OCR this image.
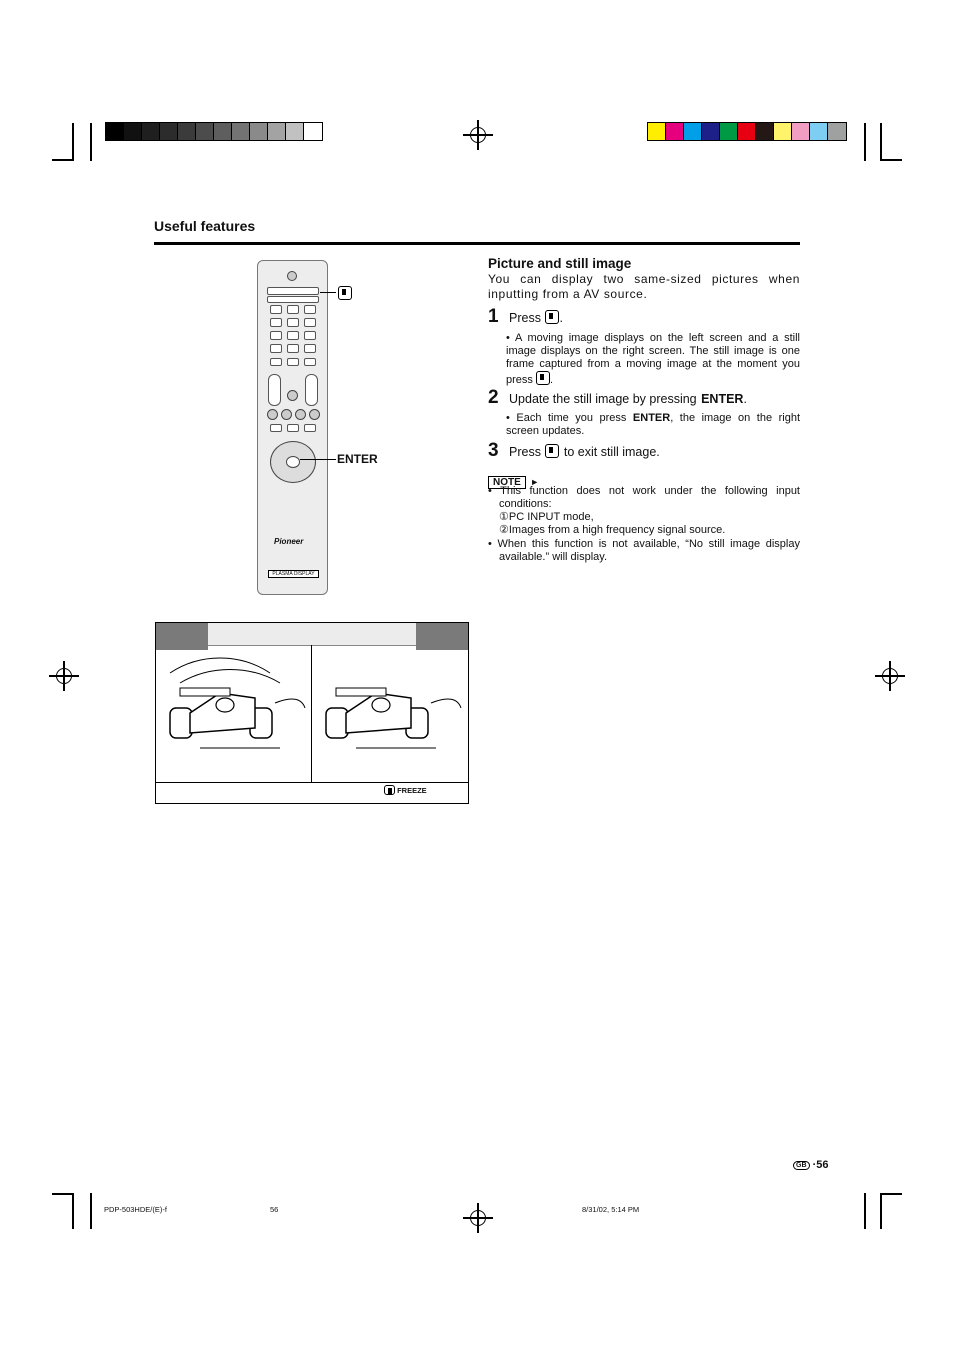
Useful features
Pioneer
PLASMA DISPLAY
ENTER
FREEZE
Picture and still image
You can display two same-sized pictures when inputting from a AV source.
1 Press .
• A moving image displays on the left screen and a still image displays on the right screen. The still image is one frame captured from a moving image at the moment you press .
2 Update the still image by pressing ENTER.
• Each time you press ENTER, the image on the right screen updates.
3 Press to exit still image.
NOTE ►
• This function does not work under the following input conditions:
①PC INPUT mode,
②Images from a high frequency signal source.
• When this function is not available, “No still image display available.” will display.
GB ·56
PDP-503HDE/(E)-f	56	8/31/02, 5:14 PM
